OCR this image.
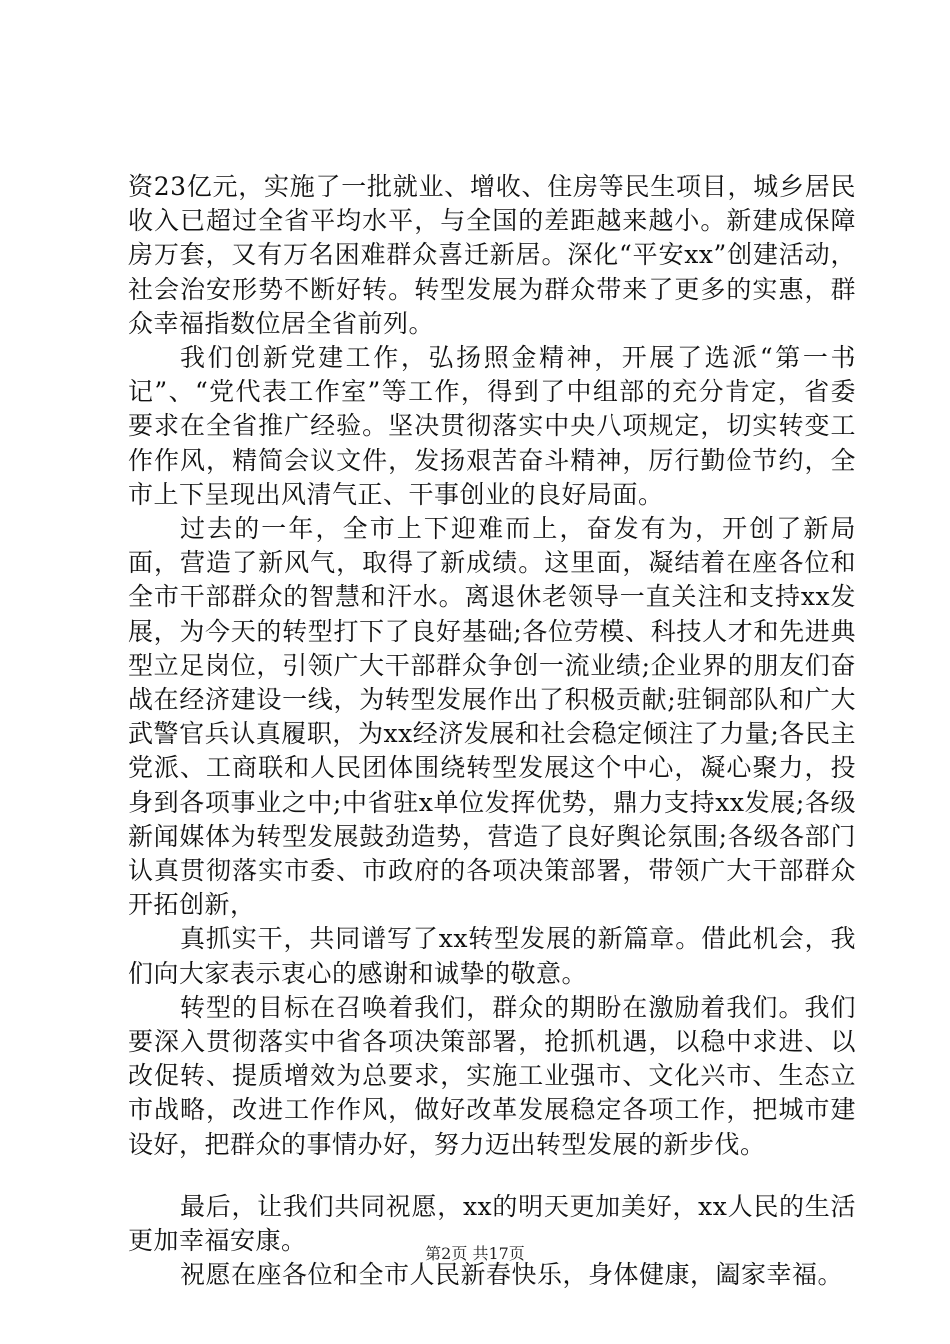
资23亿元，实施了一批就业、增收、住房等民生项目，城乡居民收入已超过全省平均水平，与全国的差距越来越小。新建成保障房万套，又有万名困难群众喜迁新居。深化“平安xx”创建活动，社会治安形势不断好转。转型发展为群众带来了更多的实惠，群众幸福指数位居全省前列。

我们创新党建工作，弘扬照金精神，开展了选派“第一书记”、“党代表工作室”等工作，得到了中组部的充分肯定，省委要求在全省推广经验。坚决贯彻落实中央八项规定，切实转变工作作风，精简会议文件，发扬艰苦奋斗精神，厉行勤俭节约，全市上下呈现出风清气正、干事创业的良好局面。

过去的一年，全市上下迎难而上，奋发有为，开创了新局面，营造了新风气，取得了新成绩。这里面，凝结着在座各位和全市干部群众的智慧和汗水。离退休老领导一直关注和支持xx发展，为今天的转型打下了良好基础;各位劳模、科技人才和先进典型立足岗位，引领广大干部群众争创一流业绩;企业界的朋友们奋战在经济建设一线，为转型发展作出了积极贡献;驻铜部队和广大武警官兵认真履职，为xx经济发展和社会稳定倾注了力量;各民主党派、工商联和人民团体围绕转型发展这个中心，凝心聚力，投身到各项事业之中;中省驻x单位发挥优势，鼎力支持xx发展;各级新闻媒体为转型发展鼓劲造势，营造了良好舆论氛围;各级各部门认真贯彻落实市委、市政府的各项决策部署，带领广大干部群众开拓创新，

真抓实干，共同谱写了xx转型发展的新篇章。借此机会，我们向大家表示衷心的感谢和诚挚的敬意。

转型的目标在召唤着我们，群众的期盼在激励着我们。我们要深入贯彻落实中省各项决策部署，抢抓机遇，以稳中求进、以改促转、提质增效为总要求，实施工业强市、文化兴市、生态立市战略，改进工作作风，做好改革发展稳定各项工作，把城市建设好，把群众的事情办好，努力迈出转型发展的新步伐。

最后，让我们共同祝愿，xx的明天更加美好，xx人民的生活更加幸福安康。

祝愿在座各位和全市人民新春快乐，身体健康，阖家幸福。

第2页 共17页
